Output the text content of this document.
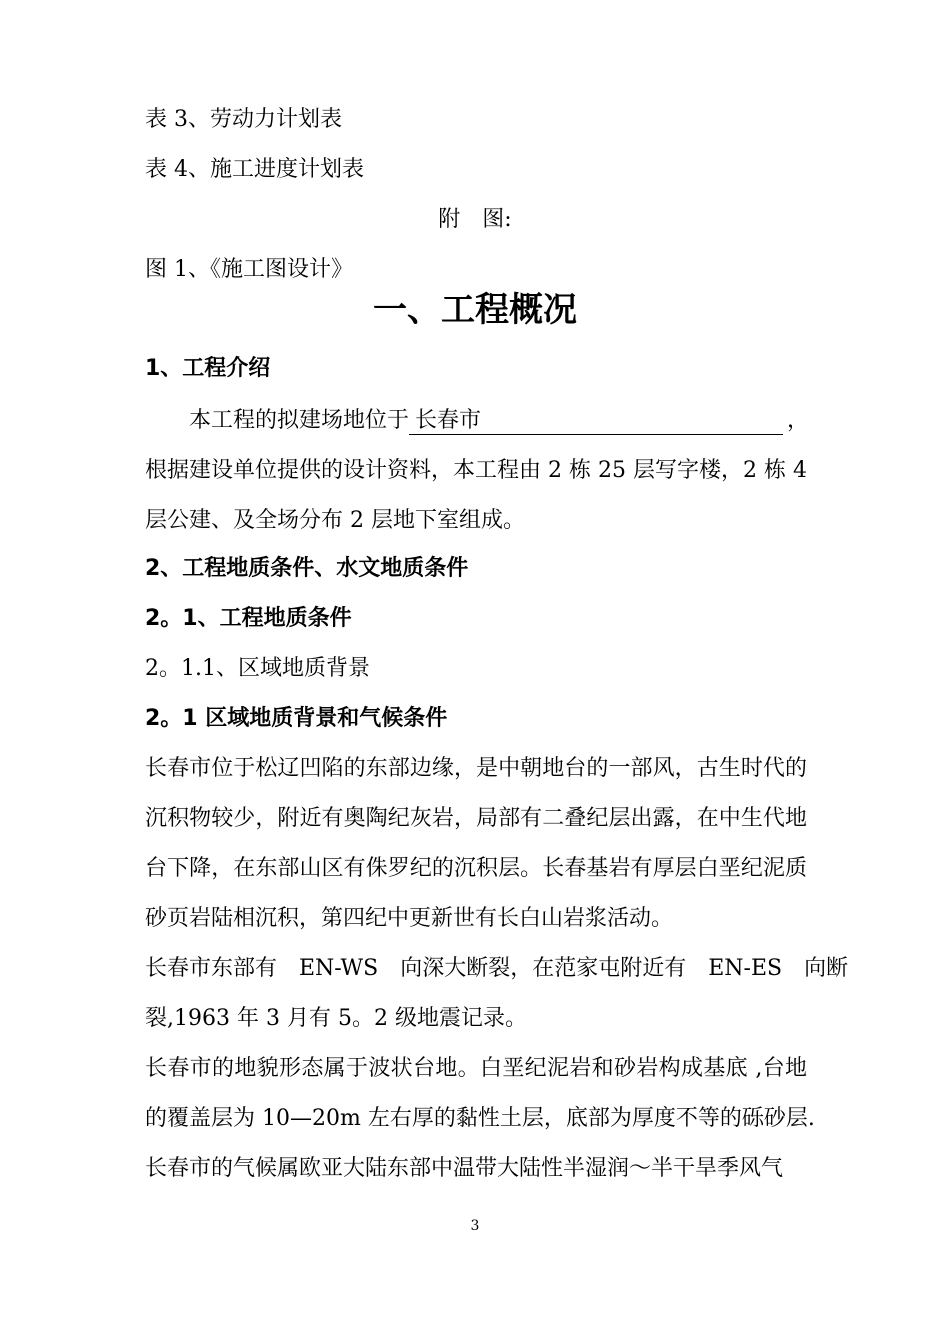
表 3、劳动力计划表
表 4、施工进度计划表
附　图:
图 1、《施工图设计》
一、工程概况
1、工程介绍
本工程的拟建场地位于 长春市	，
根据建设单位提供的设计资料，本工程由 2 栋 25 层写字楼，2 栋 4
层公建、及全场分布 2 层地下室组成。
2、工程地质条件、水文地质条件
2。1、工程地质条件
2。1.1、区域地质背景
2。1 区域地质背景和气候条件
长春市位于松辽凹陷的东部边缘，是中朝地台的一部风，古生时代的
沉积物较少，附近有奥陶纪灰岩，局部有二叠纪层出露，在中生代地
台下降，在东部山区有侏罗纪的沉积层。长春基岩有厚层白垩纪泥质
砂页岩陆相沉积，第四纪中更新世有长白山岩浆活动。
长春市东部有　EN-WS　向深大断裂，在范家屯附近有　EN-ES　向断
裂,1963 年 3 月有 5。2 级地震记录。
长春市的地貌形态属于波状台地。白垩纪泥岩和砂岩构成基底 ,台地
的覆盖层为 10—20m 左右厚的黏性土层，底部为厚度不等的砾砂层.
长春市的气候属欧亚大陆东部中温带大陆性半湿润～半干旱季风气
3
